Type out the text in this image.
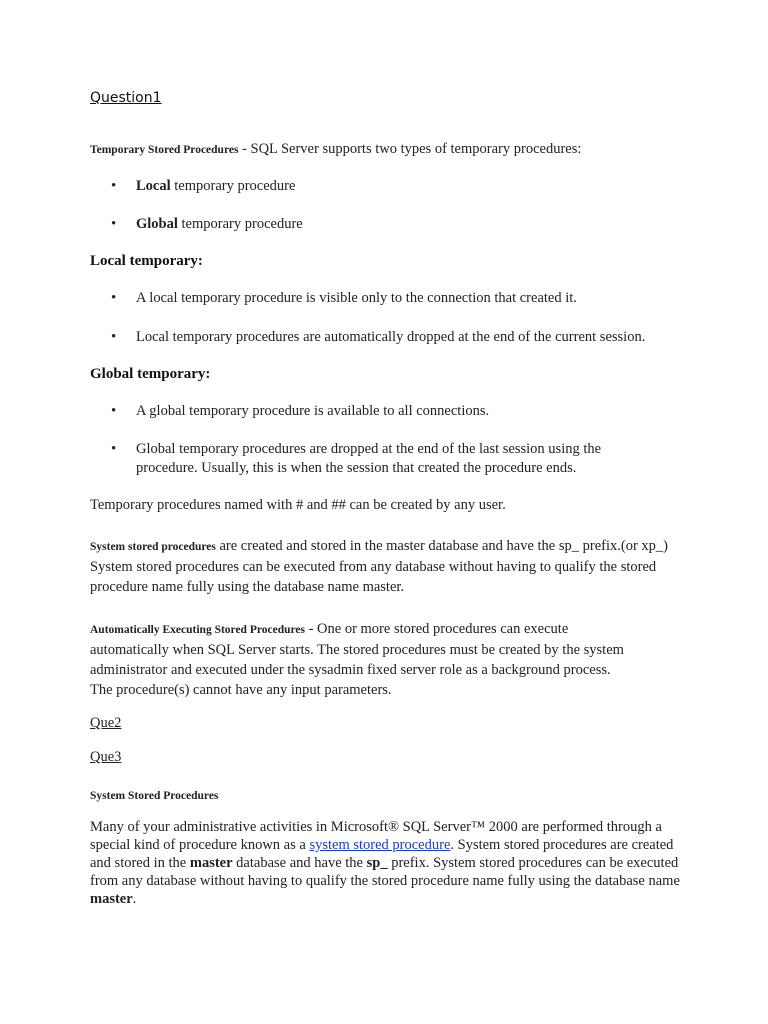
Question1
Temporary Stored Procedures - SQL Server supports two types of temporary procedures:
• Local temporary procedure
• Global temporary procedure
Local temporary:
• A local temporary procedure is visible only to the connection that created it.
• Local temporary procedures are automatically dropped at the end of the current session.
Global temporary:
• A global temporary procedure is available to all connections.
• Global temporary procedures are dropped at the end of the last session using the procedure. Usually, this is when the session that created the procedure ends.
Temporary procedures named with # and ## can be created by any user.
System stored procedures are created and stored in the master database and have the sp_ prefix.(or xp_) System stored procedures can be executed from any database without having to qualify the stored procedure name fully using the database name master.
Automatically Executing Stored Procedures - One or more stored procedures can execute automatically when SQL Server starts. The stored procedures must be created by the system administrator and executed under the sysadmin fixed server role as a background process.
The procedure(s) cannot have any input parameters.
Que2
Que3
System Stored Procedures
Many of your administrative activities in Microsoft® SQL Server™ 2000 are performed through a special kind of procedure known as a system stored procedure. System stored procedures are created and stored in the master database and have the sp_ prefix. System stored procedures can be executed from any database without having to qualify the stored procedure name fully using the database name master.
